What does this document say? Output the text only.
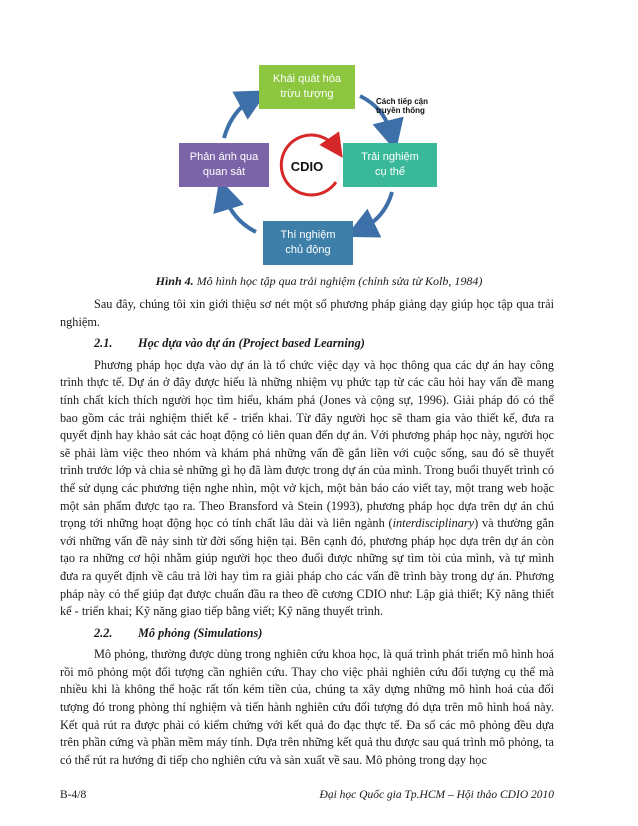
CDIO
Khái quát hóa
trừu tượng
Trải nghiệm
cụ thể
Thí nghiệm
chủ động
Phản ánh qua
quan sát
Cách tiếp cận
truyền thống
Hình 4. Mô hình học tập qua trải nghiệm (chỉnh sửa từ Kolb, 1984)

Sau đây, chúng tôi xin giới thiệu sơ nét một số phương pháp giảng dạy giúp học tập qua trải nghiệm.

2.1. Học dựa vào dự án (Project based Learning)

Phương pháp học dựa vào dự án là tổ chức việc dạy và học thông qua các dự án hay công trình thực tế. Dự án ở đây được hiểu là những nhiệm vụ phức tạp từ các câu hỏi hay vấn đề mang tính chất kích thích người học tìm hiểu, khám phá (Jones và cộng sự, 1996). Giải pháp đó có thể bao gồm các trải nghiệm thiết kế - triển khai. Từ đây người học sẽ tham gia vào thiết kế, đưa ra quyết định hay khảo sát các hoạt động có liên quan đến dự án. Với phương pháp học này, người học sẽ phải làm việc theo nhóm và khám phá những vấn đề gắn liền với cuộc sống, sau đó sẽ thuyết trình trước lớp và chia sẻ những gì họ đã làm được trong dự án của mình. Trong buổi thuyết trình có thể sử dụng các phương tiện nghe nhìn, một vở kịch, một bản báo cáo viết tay, một trang web hoặc một sản phẩm được tạo ra. Theo Bransford và Stein (1993), phương pháp học dựa trên dự án chú trọng tới những hoạt động học có tính chất lâu dài và liên ngành (interdisciplinary) và thường gắn với những vấn đề nảy sinh từ đời sống hiện tại. Bên cạnh đó, phương pháp học dựa trên dự án còn tạo ra những cơ hội nhằm giúp người học theo đuổi được những sự tìm tòi của mình, và tự mình đưa ra quyết định về câu trả lời hay tìm ra giải pháp cho các vấn đề trình bày trong dự án. Phương pháp này có thể giúp đạt được chuẩn đầu ra theo đề cương CDIO như: Lập giả thiết; Kỹ năng thiết kế - triển khai; Kỹ năng giao tiếp bằng viết; Kỹ năng thuyết trình.

2.2. Mô phỏng (Simulations)

Mô phỏng, thường được dùng trong nghiên cứu khoa học, là quá trình phát triển mô hình hoá rồi mô phỏng một đối tượng cần nghiên cứu. Thay cho việc phải nghiên cứu đối tượng cụ thể mà nhiều khi là không thể hoặc rất tốn kém tiền của, chúng ta xây dựng những mô hình hoá của đối tượng đó trong phòng thí nghiệm và tiến hành nghiên cứu đối tượng đó dựa trên mô hình hoá này. Kết quả rút ra được phải có kiểm chứng với kết quả đo đạc thực tế. Đa số các mô phỏng đều dựa trên phần cứng và phần mềm máy tính. Dựa trên những kết quả thu được sau quá trình mô phỏng, ta có thể rút ra hướng đi tiếp cho nghiên cứu và sản xuất về sau. Mô phỏng trong dạy học

B-4/8	Đại học Quốc gia Tp.HCM – Hội thảo CDIO 2010
